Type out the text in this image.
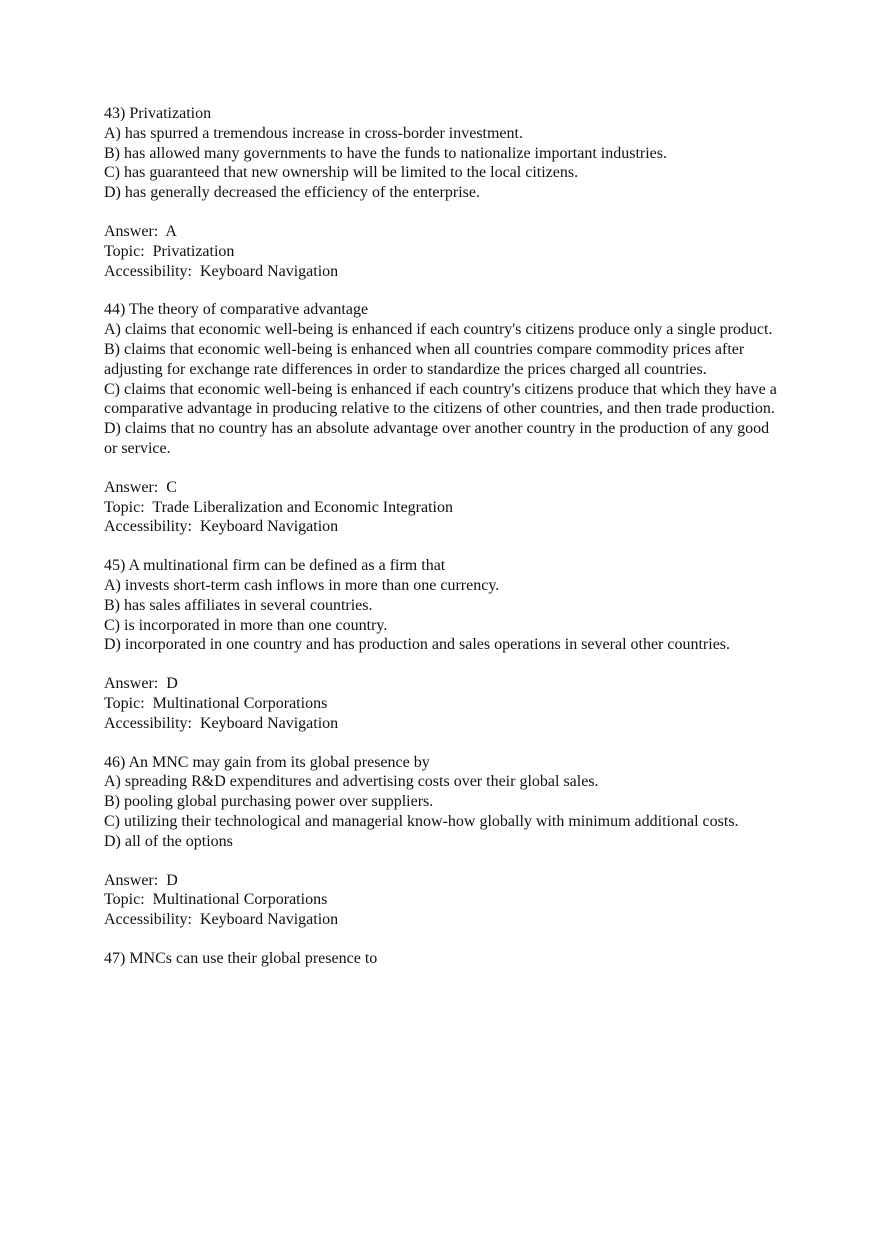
43) Privatization
A) has spurred a tremendous increase in cross-border investment.
B) has allowed many governments to have the funds to nationalize important industries.
C) has guaranteed that new ownership will be limited to the local citizens.
D) has generally decreased the efficiency of the enterprise.
Answer:  A
Topic:  Privatization
Accessibility:  Keyboard Navigation
44) The theory of comparative advantage
A) claims that economic well-being is enhanced if each country's citizens produce only a single product.
B) claims that economic well-being is enhanced when all countries compare commodity prices after adjusting for exchange rate differences in order to standardize the prices charged all countries.
C) claims that economic well-being is enhanced if each country's citizens produce that which they have a comparative advantage in producing relative to the citizens of other countries, and then trade production.
D) claims that no country has an absolute advantage over another country in the production of any good or service.
Answer:  C
Topic:  Trade Liberalization and Economic Integration
Accessibility:  Keyboard Navigation
45) A multinational firm can be defined as a firm that
A) invests short-term cash inflows in more than one currency.
B) has sales affiliates in several countries.
C) is incorporated in more than one country.
D) incorporated in one country and has production and sales operations in several other countries.
Answer:  D
Topic:  Multinational Corporations
Accessibility:  Keyboard Navigation
46) An MNC may gain from its global presence by
A) spreading R&D expenditures and advertising costs over their global sales.
B) pooling global purchasing power over suppliers.
C) utilizing their technological and managerial know-how globally with minimum additional costs.
D) all of the options
Answer:  D
Topic:  Multinational Corporations
Accessibility:  Keyboard Navigation
47) MNCs can use their global presence to
